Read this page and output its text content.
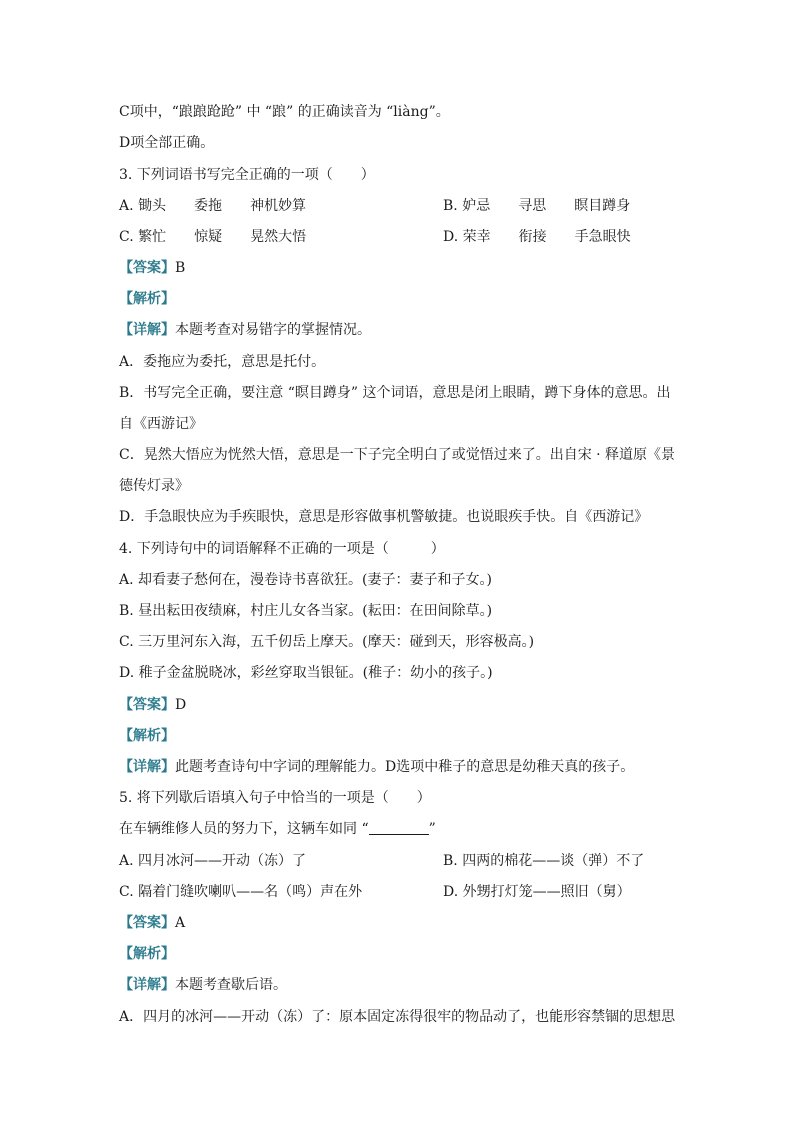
C项中，“踉踉跄跄” 中 “踉” 的正确读音为 “liàng”。
D项全部正确。
3. 下列词语书写完全正确的一项（　　）
A. 锄头　　委拖　　神机妙算	B. 妒忌　　寻思　　瞑目蹲身
C. 繁忙　　惊疑　　晃然大悟	D. 荣幸　　衔接　　手急眼快
【答案】B
【解析】
【详解】本题考查对易错字的掌握情况。
A．委拖应为委托，意思是托付。
B．书写完全正确，要注意 “瞑目蹲身” 这个词语，意思是闭上眼睛，蹲下身体的意思。出
自《西游记》
C．晃然大悟应为恍然大悟，意思是一下子完全明白了或觉悟过来了。出自宋 · 释道原《景
德传灯录》
D．手急眼快应为手疾眼快，意思是形容做事机警敏捷。也说眼疾手快。自《西游记》
4. 下列诗句中的词语解释不正确的一项是（　　　）
A. 却看妻子愁何在，漫卷诗书喜欲狂。(妻子：妻子和子女。)
B. 昼出耘田夜绩麻，村庄儿女各当家。(耘田：在田间除草。)
C. 三万里河东入海，五千仞岳上摩天。(摩天：碰到天，形容极高。)
D. 稚子金盆脱晓冰，彩丝穿取当银钲。(稚子：幼小的孩子。)
【答案】D
【解析】
【详解】此题考查诗句中字词的理解能力。D选项中稚子的意思是幼稚天真的孩子。
5. 将下列歇后语填入句子中恰当的一项是（　　）
在车辆维修人员的努力下，这辆车如同 “	”
A. 四月冰河——开动（冻）了	B. 四两的棉花——谈（弹）不了
C. 隔着门缝吹喇叭——名（鸣）声在外	D. 外甥打灯笼——照旧（舅）
【答案】A
【解析】
【详解】本题考查歇后语。
A．四月的冰河——开动（冻）了：原本固定冻得很牢的物品动了，也能形容禁锢的思想思
